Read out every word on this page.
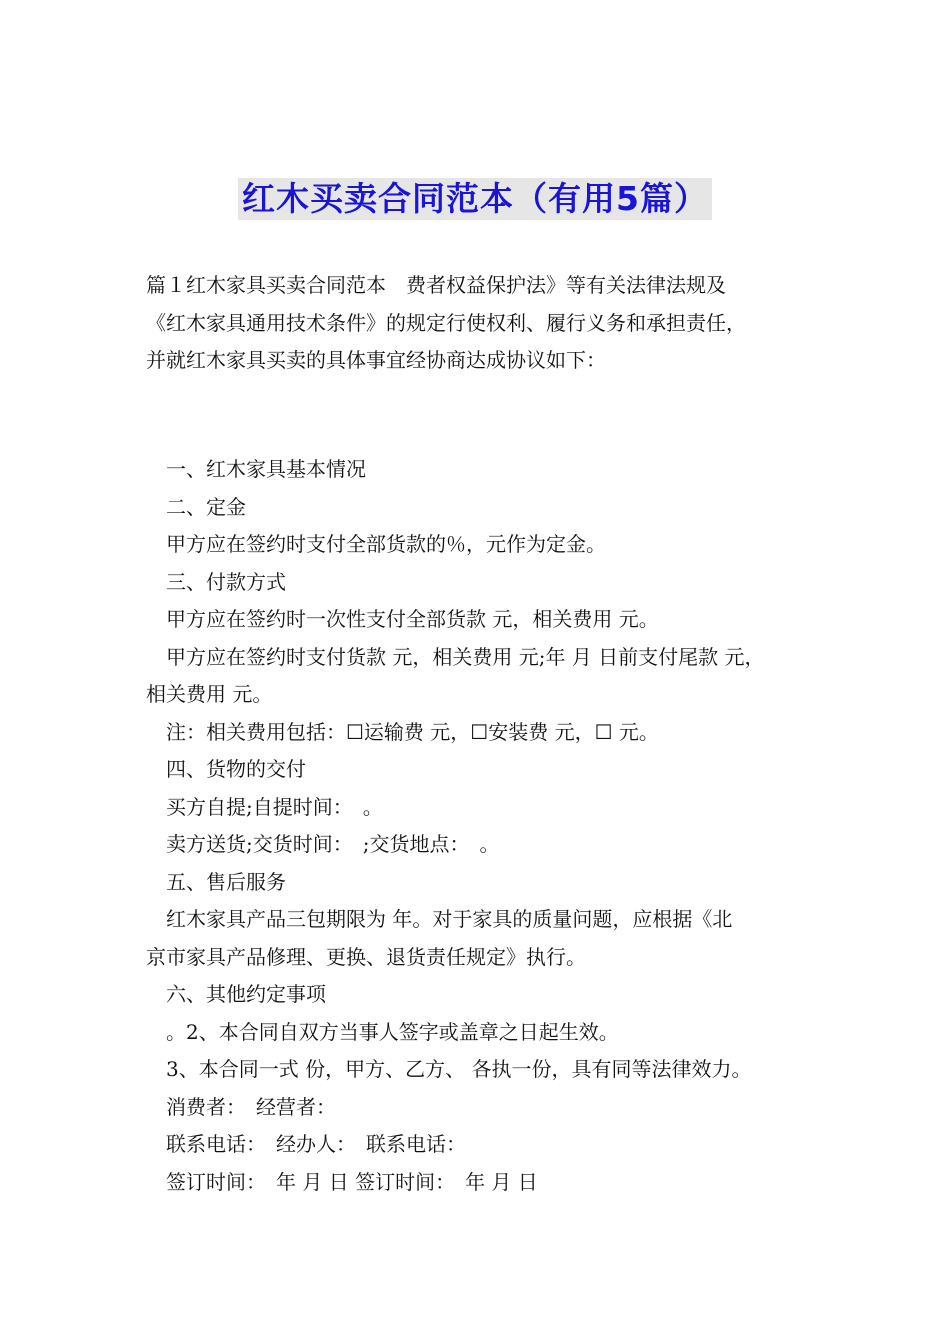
红木买卖合同范本（有用5篇）

篇１红木家具买卖合同范本　费者权益保护法》等有关法律法规及

《红木家具通用技术条件》的规定行使权利、履行义务和承担责任，

并就红木家具买卖的具体事宜经协商达成协议如下：

一、红木家具基本情况

二、定金

甲方应在签约时支付全部货款的％，元作为定金。

三、付款方式

甲方应在签约时一次性支付全部货款 元，相关费用 元。

甲方应在签约时支付货款 元，相关费用 元;年 月 日前支付尾款 元，

相关费用 元。

注：相关费用包括：☐运输费 元，☐安装费 元，☐ 元。

四、货物的交付

买方自提;自提时间：　。

卖方送货;交货时间：　;交货地点：　。

五、售后服务

红木家具产品三包期限为 年。对于家具的质量问题，应根据《北

京市家具产品修理、更换、退货责任规定》执行。

六、其他约定事项

。2、本合同自双方当事人签字或盖章之日起生效。

3、本合同一式 份，甲方、乙方、 各执一份，具有同等法律效力。

消费者：　经营者：

联系电话：　经办人：　联系电话：

签订时间：　年 月 日 签订时间：　年 月 日
